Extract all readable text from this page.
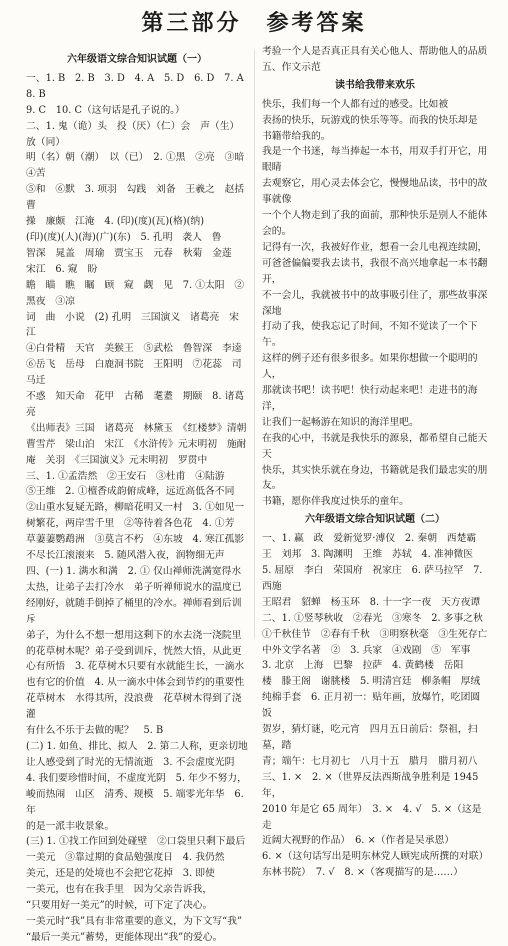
第三部分　参考答案

六年级语文综合知识试题（一）

一、1. B　2. B　3. D　4. A　5. D　6. D　7. A　8. B

9. C　10. C（这句话是孔子说的。）

二、1. 鬼（诡）头　投（厌）（仁）会　声（生）　放（同）

明（名）朝（潮）　以（已）　2. ①黑　②亮　③暗　④苦

⑤和　⑥默　3. 项羽　勾践　刘备　王羲之　赵括　曹

操　廉颇　江淹　4. (印)(度)(瓦)(格)(纳)

(印)(度)(人)(海)(广)(东)　5. 孔明　袭人　鲁

智深　晁盖　周瑜　贾宝玉　元春　秋菊　金莲　宋江　6. 窥　盼

瞻　瞄　瞧　瞩　顾　窥　觑　见　7. ①太阳　②黑夜　③凉

词　曲　小说　(2) 孔明　三国演义　诸葛亮　宋江

④白骨精　天官　美猴王　⑤武松　鲁智深　李逵

⑥岳飞　岳母　白鹿洞书院　王阳明　⑦花蕊　司马迁

不惑　知天命　花甲　古稀　耄耋　期颐　8. 诸葛亮

《出师表》三国　诸葛亮　林黛玉　《红楼梦》清朝

曹雪芹　梁山泊　宋江　《水浒传》元末明初　施耐

庵　关羽　《三国演义》元末明初　罗贯中

三、1. ①孟浩然　②王安石　③杜甫　④陆游

⑤王维　2. ①檀香成韵俯成峰，远近高低各不同

②山重水复疑无路，柳暗花明又一村　3. ①如见一

树繁花，两岸雪千里　②等待着各色花　4. ①芳

草萋萋鹦鹉洲　③莫言不朽　④东坡　4. 寒江孤影

不尽长江滚滚来　5. 随风潜入夜，润物细无声

四、(一) 1. 满水和满　2. ① 仅山禅师洗满宽得水

太热，让弟子去打冷水　弟子听禅师说水的温度已

经刚好，就随手倒掉了桶里的冷水。禅师看到后训斥

弟子，为什么不想一想用这剩下的水去浇一浇院里

的花草树木呢？弟子受到训斥，恍然大悟，从此更

心有所悟　3. 花草树木只要有水就能生长，一滴水

也有它的价值　4. 从一滴水中体会到节约的重要性

花草树木　水得其所，没浪费　花草树木得到了浇灌

有什么不乐于去做的呢？　5. B

(二) 1. 如鱼、排比、拟人　2. 第二人称，更亲切地

让人感受到了时光的无情流逝　3. 不会虚度光阴

4. 我们要珍惜时间，不虚度光阴　5. 年少不努力，

峻而热闹　山区　清秀、规模　5. 端零光年华　6. 年

的是一派丰收景象。

(三) 1. ①找工作回到处碰壁　②口袋里只剩下最后

一美元　③靠过期的食品勉强度日　4. 我仍然

美元，还是的处境也不会把它花掉　3. 即使

一美元，也有在我手里　因为父亲告诉我，

“只要用好一美元”的时候，可下定了决心。

一美元时“我”具有非常重要的意义，为下文写“我”

“最后一美元”蓄势，更能体现出“我”的爱心。

考验一个人是否真正具有关心他人、帮助他人的品质

五、作文示范

读书给我带来欢乐

快乐，我们每一个人都有过的感受。比如被

表扬的快乐，玩游戏的快乐等等。而我的快乐却是

书籍带给我的。

我是一个书迷，每当捧起一本书，用双手打开它，用眼睛

去观察它，用心灵去体会它，慢慢地品读，书中的故事就像

一个个人物走到了我的面前，那种快乐是别人不能体会的。

记得有一次，我被好作业，想看一会儿电视连续剧，

可爸爸偏偏要我去读书，我很不高兴地拿起一本书翻开，

不一会儿，我就被书中的故事吸引住了，那些故事深深地

打动了我，使我忘记了时间，不知不觉读了一个下午。

这样的例子还有很多很多。如果你想做一个聪明的人，

那就读书吧！读书吧！快行动起来吧！走进书的海洋，

让我们一起畅游在知识的海洋里吧。

在我的心中，书就是我快乐的源泉，都希望自己能天天

快乐，其实快乐就在身边，书籍就是我们最忠实的朋友。

书籍，愿你伴我度过快乐的童年。

六年级语文综合知识试题（二）

一、1. 赢　政　爱新觉罗·溥仪　2. 秦朝　西楚霸

王　刘邦　3. 陶渊明　王维　苏轼　4. 准神微医

5. 屈原　李白　荣国府　祝家庄　6. 萨马拉罕　7. 西施

王昭君　貂蝉　杨玉环　8. 十一字一夜　天方夜谭

二、1. ①竖琴秋收　②春光　③寒冬　2. 多事之秋

①千秋佳节　②春有千秋　③明察秋毫　③生死存亡

中外文学名著　②　3. 兵家　④戏剧　⑤　军事

3. 北京　上海　巴黎　拉萨　4. 黄鹤楼　岳阳

楼　滕王阁　谢朓楼　5. 明清宫廷　柳条帽　厚绒

纯棉手套　6. 正月初一：贴年画，放爆竹，吃团圆饭

贺岁，猜灯谜，吃元宵　四月五日前后：祭祖，扫墓，踏

青；端午：七月初七　八月十五　腊月　腊月初八

三、1. ×　2. ×（世界反法西斯战争胜利是 1945年，

2010 年是它 65 周年）　3. ×　4. √　5. ×（这是走

近阔大视野的作品）　6. ×（作者是吴承恩）

6. ×（这句话写出是明东林党人顾宪成所撰的对联）

东林书院）　7. √　8. ×（客观描写的是……）
